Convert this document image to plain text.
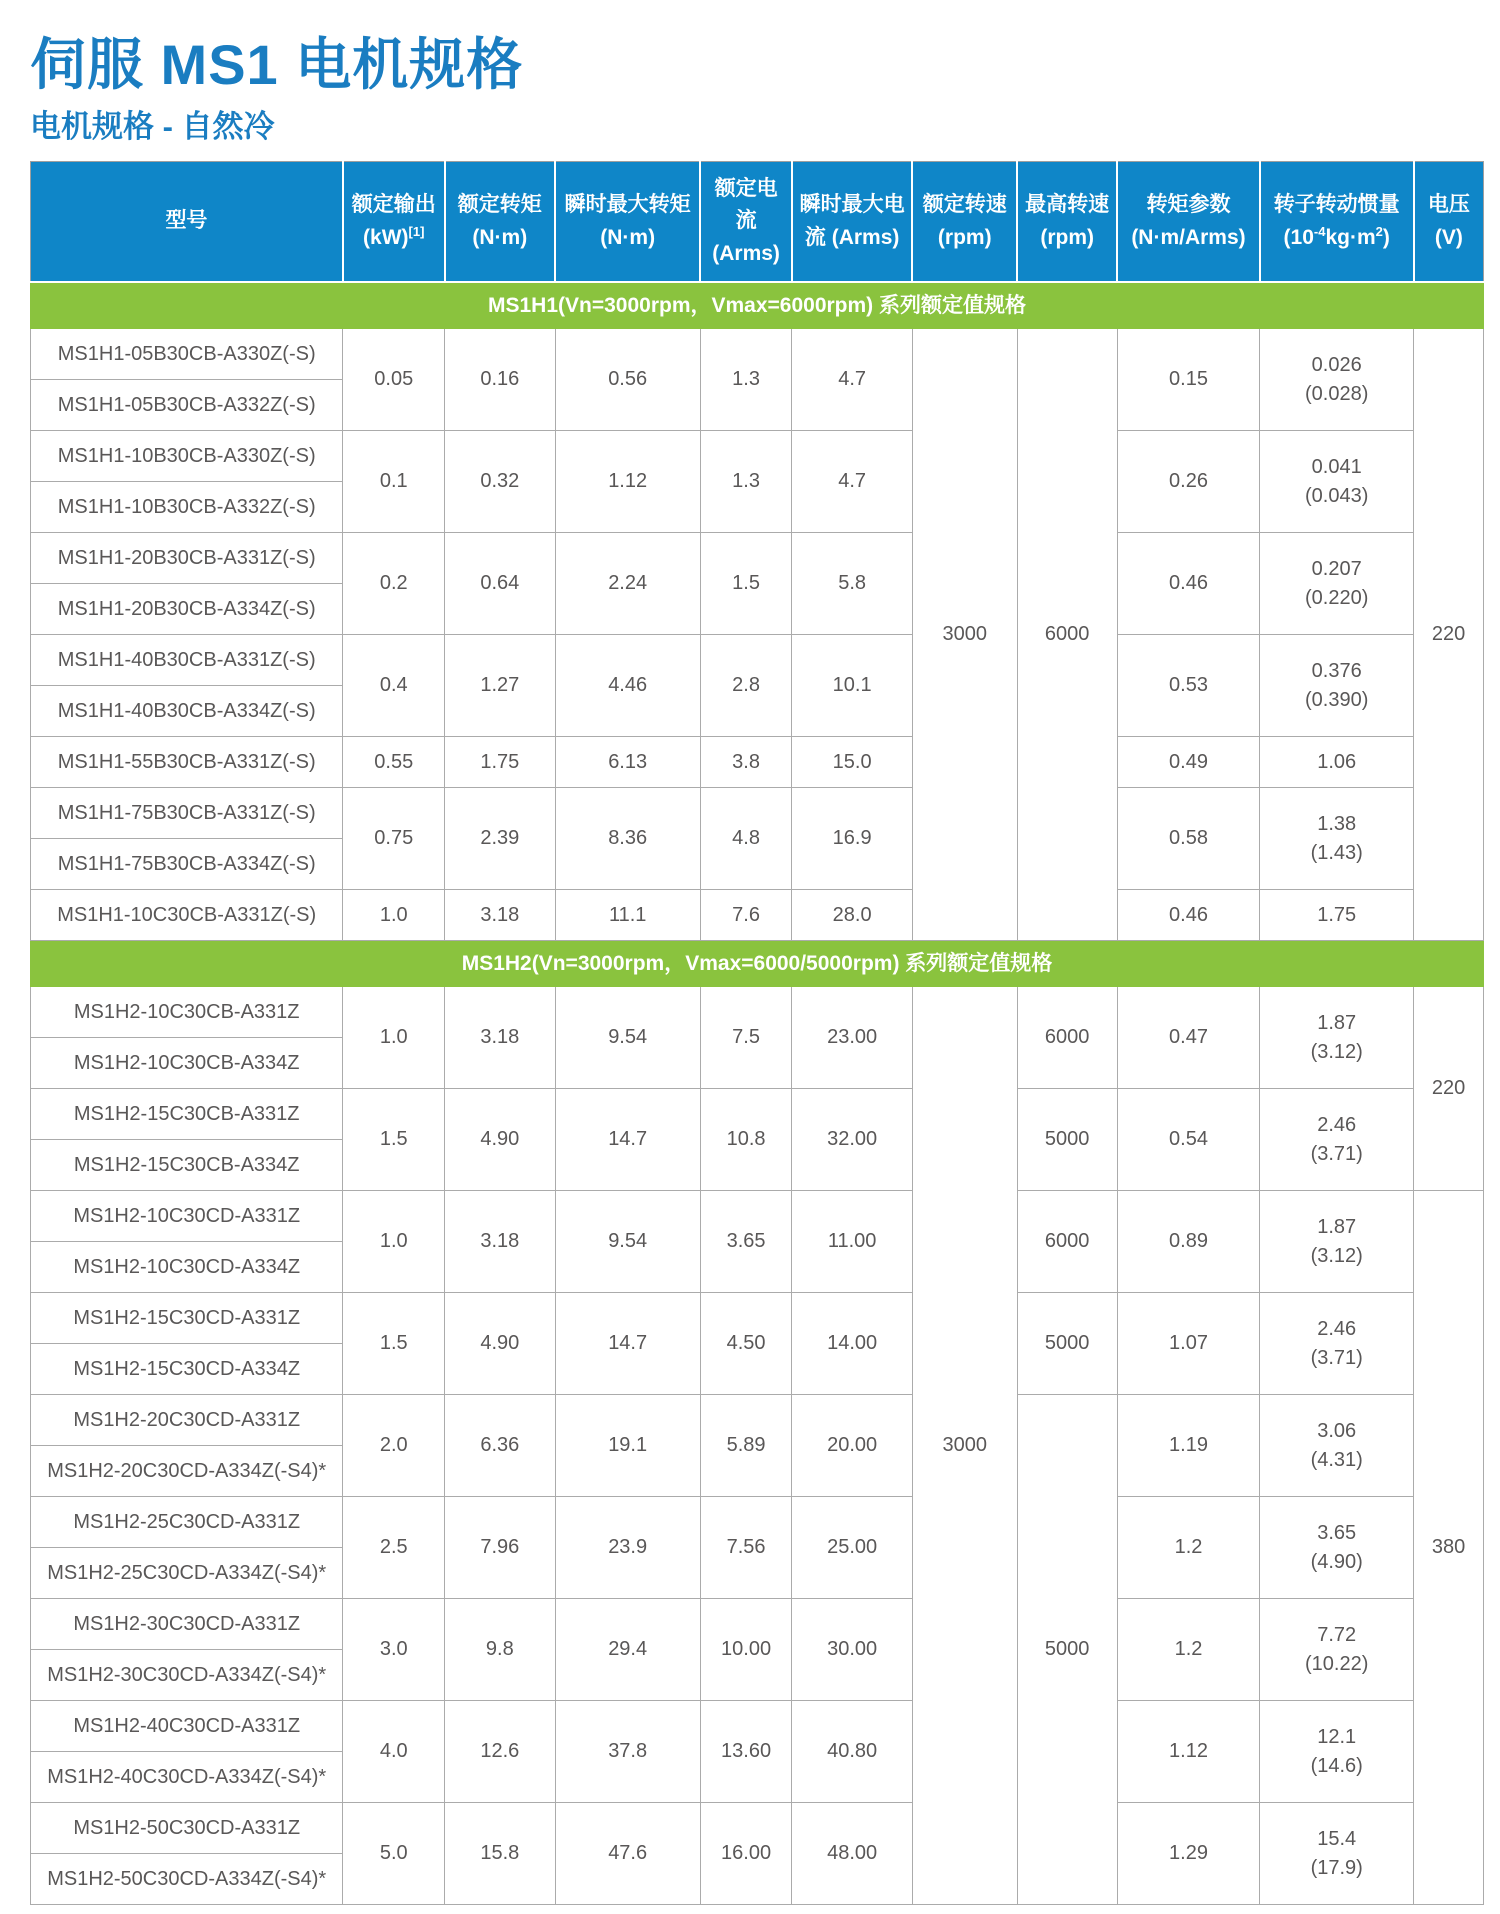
伺服 MS1 电机规格
电机规格 - 自然冷
型号	额定输出 (kW)[1]	额定转矩 (N·m)	瞬时最大转矩 (N·m)	额定电流 (Arms)	瞬时最大电流 (Arms)	额定转速 (rpm)	最高转速 (rpm)	转矩参数 (N·m/Arms)	转子转动惯量 $(10^{-4}kg\cdot m^2)$	电压 (V)
MS1H1(Vn=3000rpm，Vmax=6000rpm) 系列额定值规格										
MS1H1-05B30CB-A330Z(-S)	0.05	0.16	0.56	1.3	4.7	3000	6000	0.15	0.026
(0.028)	220
MS1H1-05B30CB-A332Z(-S)										
MS1H1-10B30CB-A330Z(-S)	0.1	0.32	1.12	1.3	4.7			0.26	0.041
(0.043)	
MS1H1-10B30CB-A332Z(-S)										
MS1H1-20B30CB-A331Z(-S)	0.2	0.64	2.24	1.5	5.8			0.46	0.207
(0.220)	
MS1H1-20B30CB-A334Z(-S)										
MS1H1-40B30CB-A331Z(-S)	0.4	1.27	4.46	2.8	10.1			0.53	0.376
(0.390)	
MS1H1-40B30CB-A334Z(-S)										
MS1H1-55B30CB-A331Z(-S)	0.55	1.75	6.13	3.8	15.0			0.49	1.06	
MS1H1-75B30CB-A331Z(-S)	0.75	2.39	8.36	4.8	16.9			0.58	1.38
(1.43)	
MS1H1-75B30CB-A334Z(-S)										
MS1H1-10C30CB-A331Z(-S)	1.0	3.18	11.1	7.6	28.0			0.46	1.75	
MS1H2(Vn=3000rpm，Vmax=6000/5000rpm) 系列额定值规格										
MS1H2-10C30CB-A331Z	1.0	3.18	9.54	7.5	23.00	3000	6000	0.47	1.87
(3.12)	220
MS1H2-10C30CB-A334Z										
MS1H2-15C30CB-A331Z	1.5	4.90	14.7	10.8	32.00		5000	0.54	2.46
(3.71)	
MS1H2-15C30CB-A334Z										
MS1H2-10C30CD-A331Z	1.0	3.18	9.54	3.65	11.00		6000	0.89	1.87
(3.12)	380
MS1H2-10C30CD-A334Z										
MS1H2-15C30CD-A331Z	1.5	4.90	14.7	4.50	14.00		5000	1.07	2.46
(3.71)	
MS1H2-15C30CD-A334Z										
MS1H2-20C30CD-A331Z	2.0	6.36	19.1	5.89	20.00		5000	1.19	3.06
(4.31)	
MS1H2-20C30CD-A334Z(-S4)*										
MS1H2-25C30CD-A331Z	2.5	7.96	23.9	7.56	25.00			1.2	3.65
(4.90)	
MS1H2-25C30CD-A334Z(-S4)*										
MS1H2-30C30CD-A331Z	3.0	9.8	29.4	10.00	30.00			1.2	7.72
(10.22)	
MS1H2-30C30CD-A334Z(-S4)*										
MS1H2-40C30CD-A331Z	4.0	12.6	37.8	13.60	40.80			1.12	12.1
(14.6)	
MS1H2-40C30CD-A334Z(-S4)*										
MS1H2-50C30CD-A331Z	5.0	15.8	47.6	16.00	48.00			1.29	15.4
(17.9)	
MS1H2-50C30CD-A334Z(-S4)*										
